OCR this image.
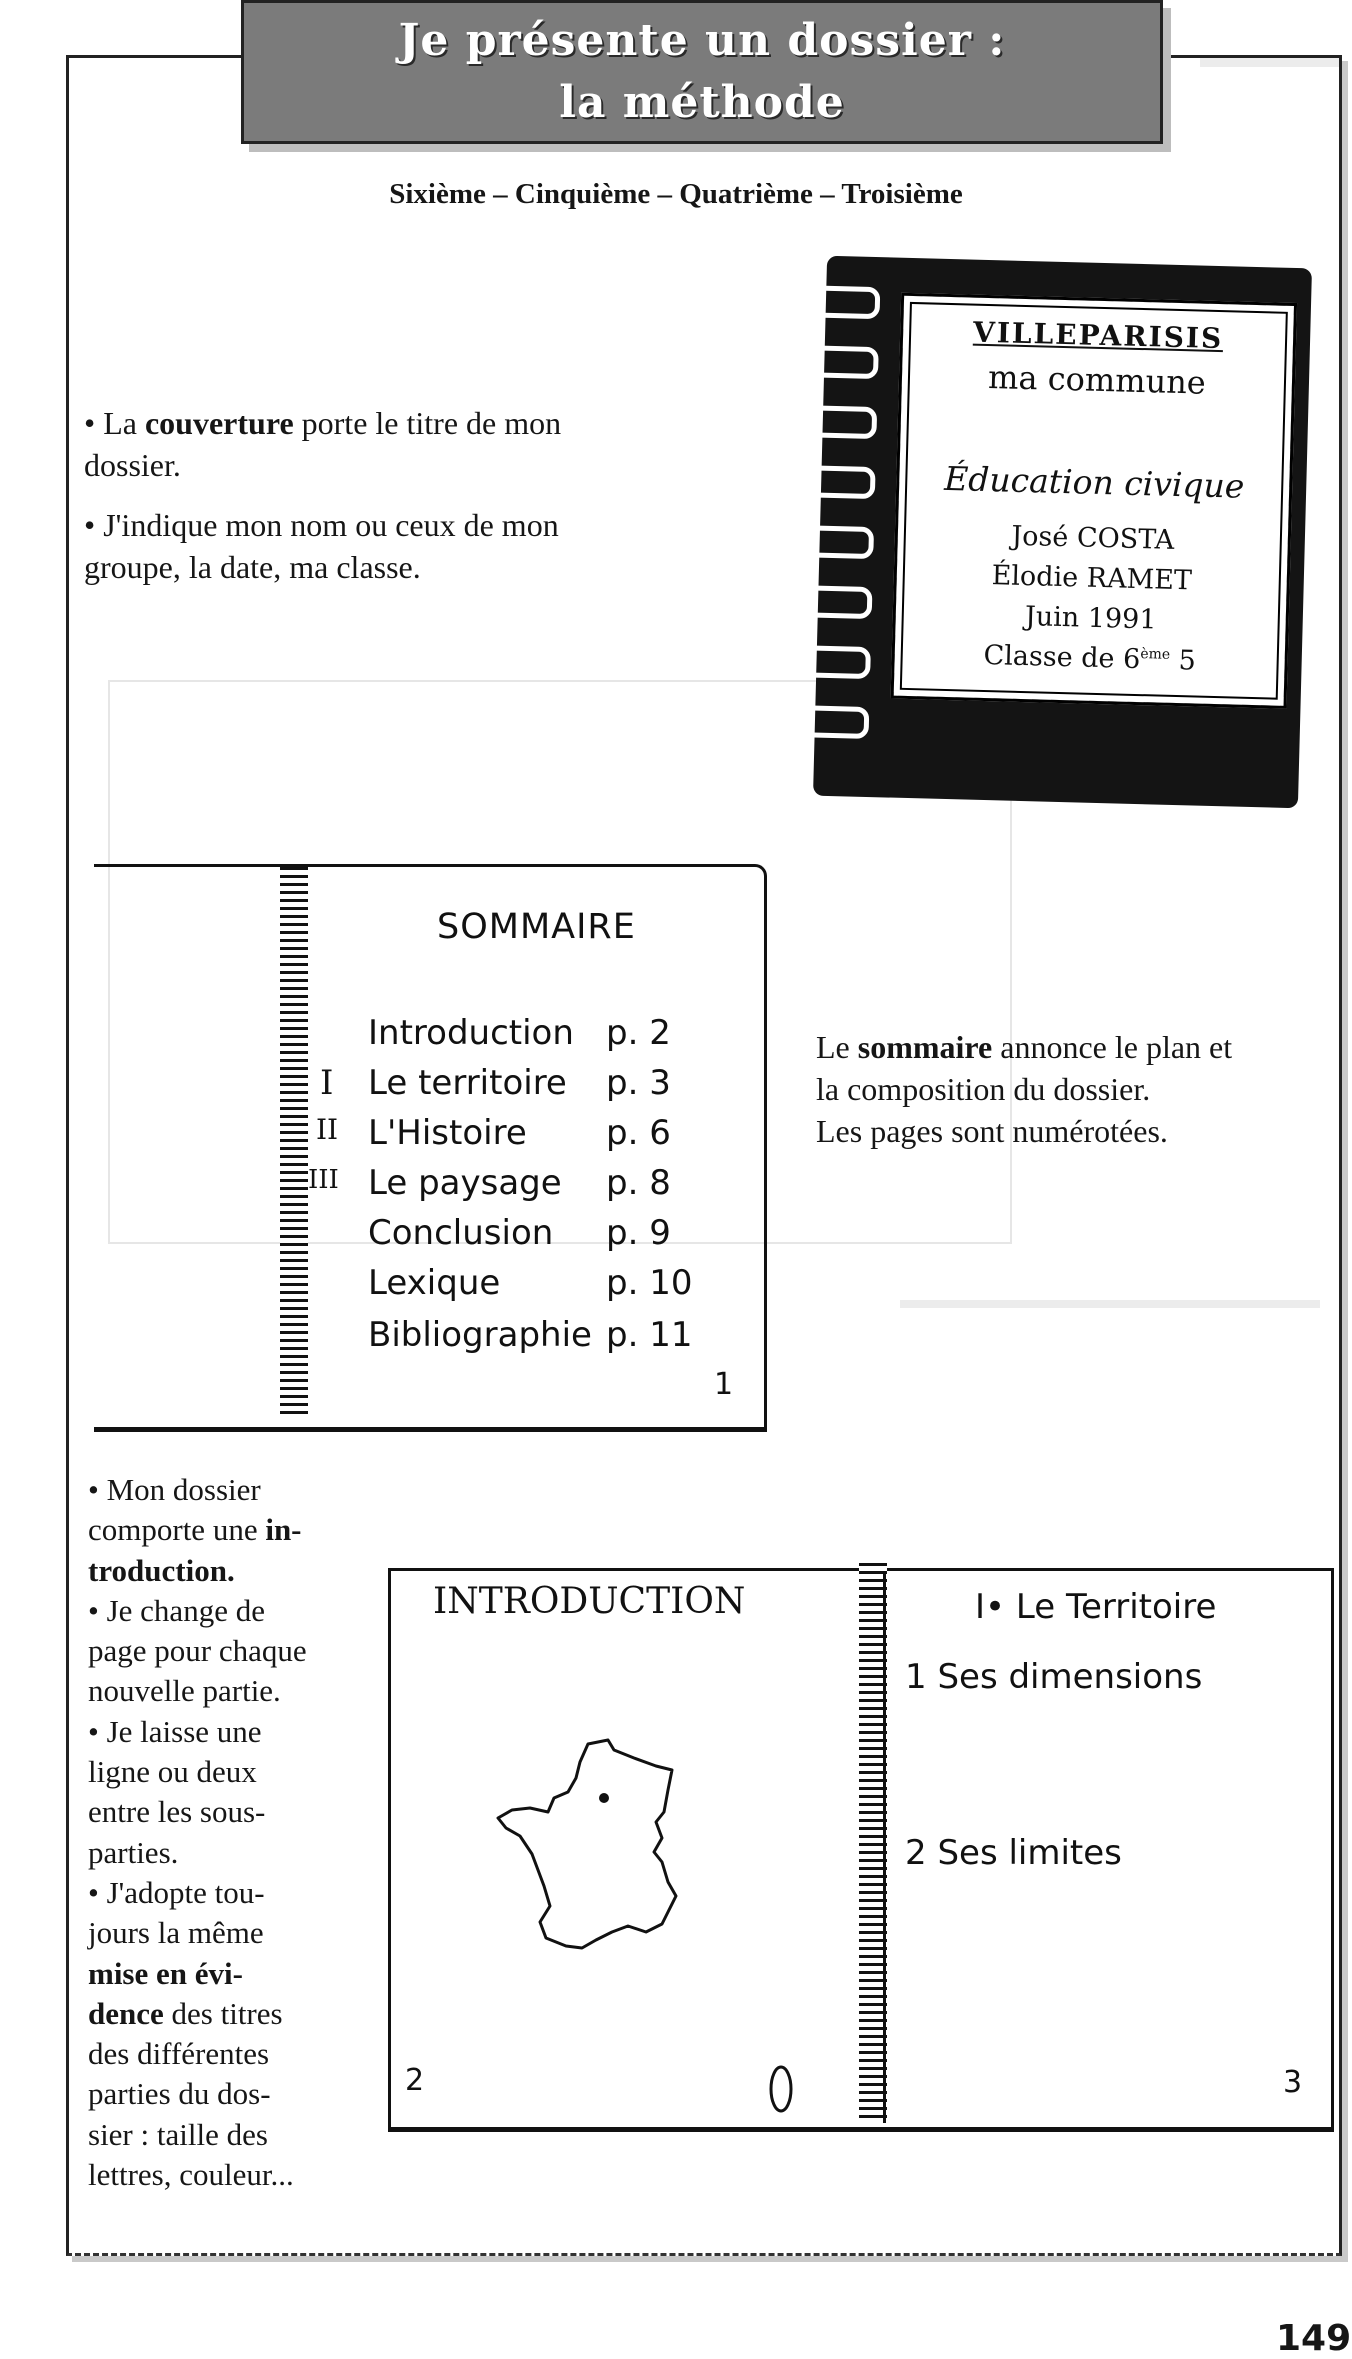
Je présente un dossier :
la méthode
Sixième – Cinquième – Quatrième – Troisième
• La couverture porte le titre de mon
dossier.
• J'indique mon nom ou ceux de mon
groupe, la date, ma classe.
VILLEPARISIS
ma commune
Éducation civique
José COSTA
Élodie RAMET
Juin 1991
Classe de 6ème 5
SOMMAIRE
Introduction p. 2
I Le territoire p. 3
II L'Histoire p. 6
III Le paysage p. 8
Conclusion p. 9
Lexique	p. 10
Bibliographie p. 11
1
Le sommaire annonce le plan et
la composition du dossier.
Les pages sont numérotées.
• Mon dossier
comporte une in-
troduction.
• Je change de
page pour chaque
nouvelle partie.
• Je laisse une
ligne ou deux
entre les sous-
parties.
• J'adopte tou-
jours la même
mise en évi-
dence des titres
des différentes
parties du dos-
sier : taille des
lettres, couleur...
INTRODUCTION
2
I• Le Territoire
1 Ses dimensions
2 Ses limites
3
149
